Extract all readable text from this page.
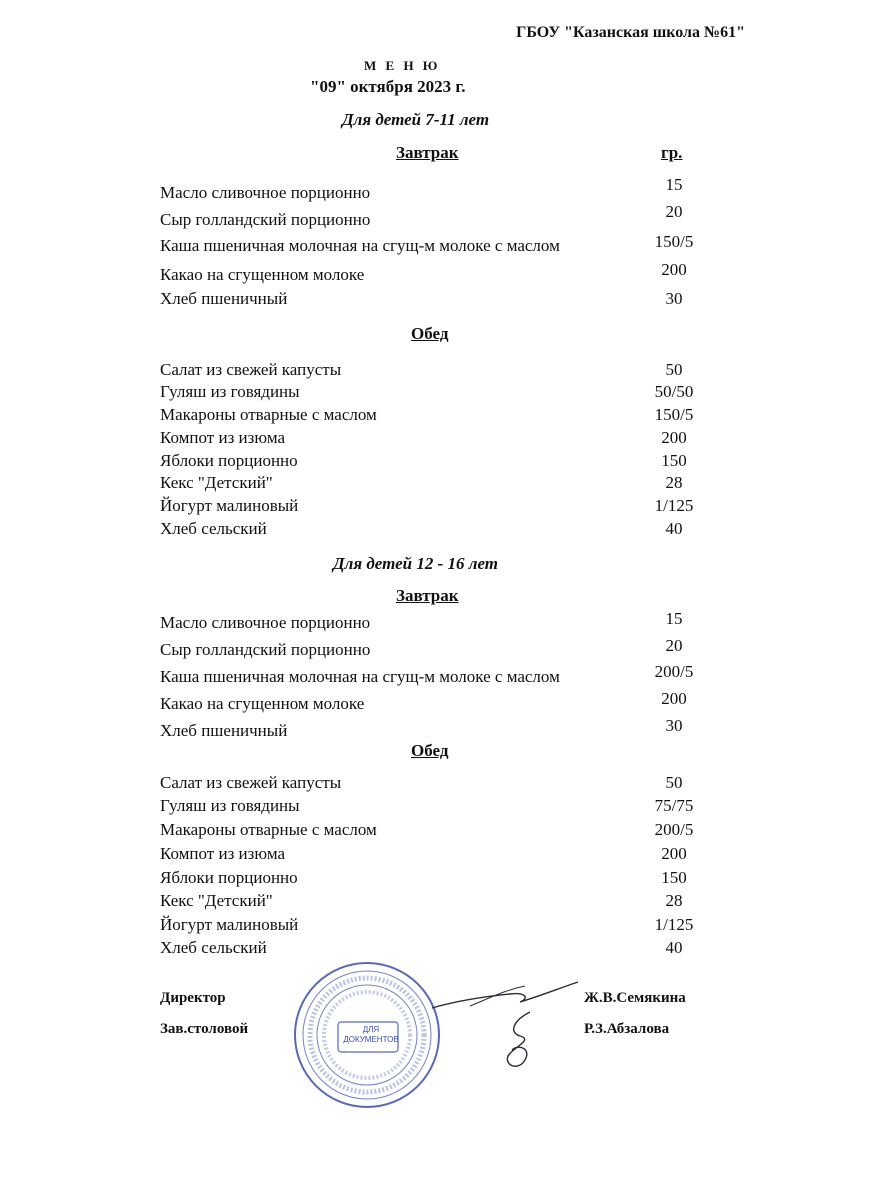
ГБОУ "Казанская школа №61"
М Е Н Ю
"09" октября 2023 г.
Для детей 7-11 лет
Завтрак	гр.
Масло сливочное порционно	15
Сыр голландский порционно	20
Каша пшеничная молочная на сгущ-м молоке с маслом	150/5
Какао на сгущенном молоке	200
Хлеб пшеничный	30
Обед
Салат из свежей капусты	50
Гуляш из говядины	50/50
Макароны отварные с маслом	150/5
Компот из изюма	200
Яблоки порционно	150
Кекс "Детский"	28
Йогурт малиновый	1/125
Хлеб сельский	40
Для детей 12 - 16 лет
Завтрак
Масло сливочное порционно	15
Сыр голландский порционно	20
Каша пшеничная молочная на сгущ-м молоке с маслом	200/5
Какао на сгущенном молоке	200
Хлеб пшеничный	30
Обед
Салат из свежей капусты	50
Гуляш из говядины	75/75
Макароны отварные с маслом	200/5
Компот из изюма	200
Яблоки порционно	150
Кекс "Детский"	28
Йогурт малиновый	1/125
Хлеб сельский	40
ДЛЯ ДОКУМЕНТОВ
Директор	Ж.В.Семякина
Зав.столовой	Р.З.Абзалова
